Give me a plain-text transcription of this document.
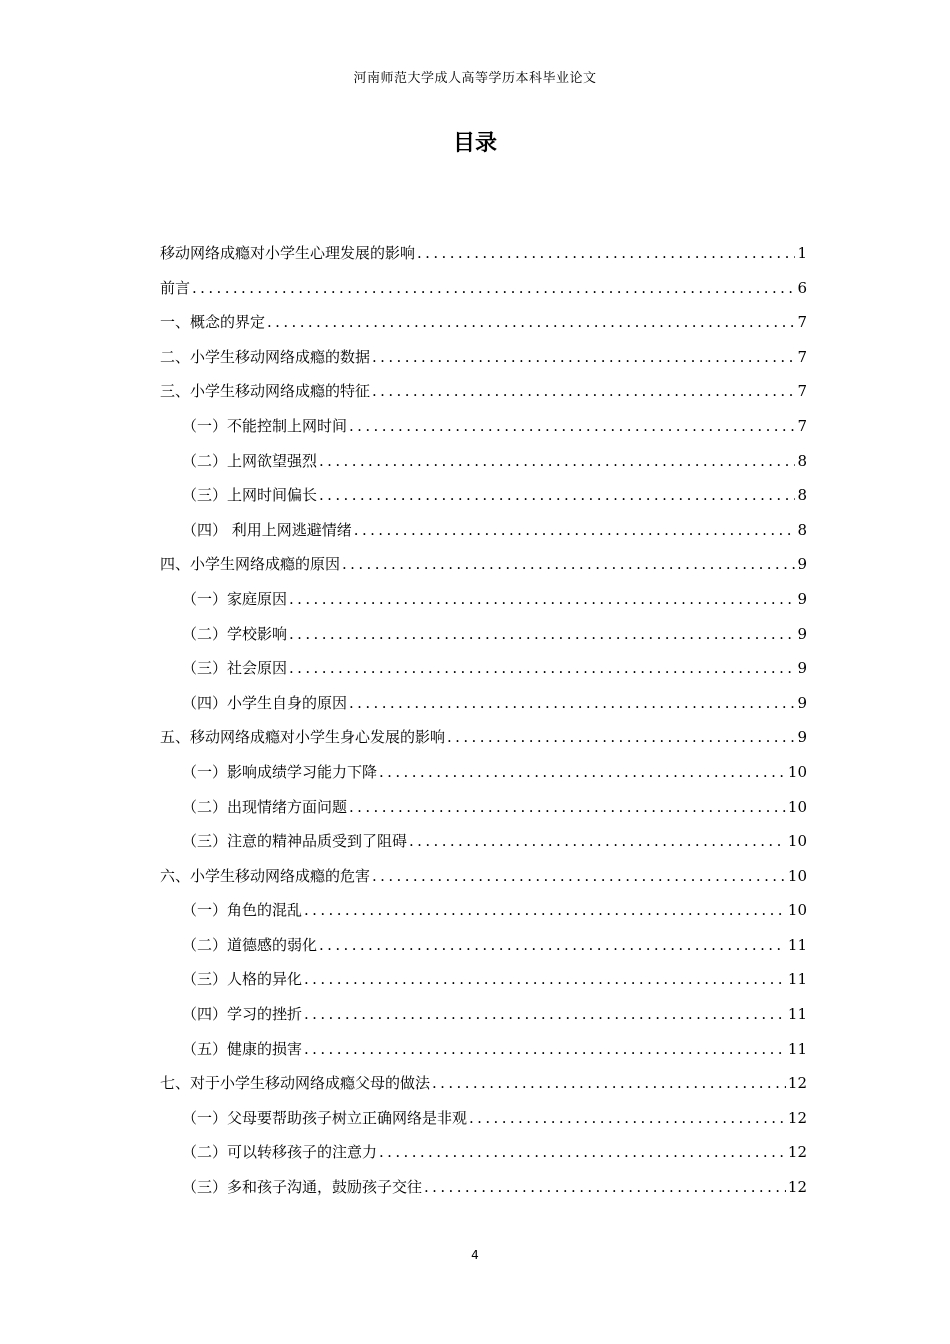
河南师范大学成人高等学历本科毕业论文
目录
移动网络成瘾对小学生心理发展的影响 .....	1
前言 .....	6
一、概念的界定 .....	7
二、小学生移动网络成瘾的数据 .....	7
三、小学生移动网络成瘾的特征 .....	7
（一）不能控制上网时间 .....	7
（二）上网欲望强烈 .....	8
（三）上网时间偏长 .....	8
（四） 利用上网逃避情绪 .....	8
四、小学生网络成瘾的原因 .....	9
（一）家庭原因 .....	9
（二）学校影响 .....	9
（三）社会原因 .....	9
（四）小学生自身的原因 .....	9
五、移动网络成瘾对小学生身心发展的影响 .....	9
（一）影响成绩学习能力下降 .....	10
（二）出现情绪方面问题 .....	10
（三）注意的精神品质受到了阻碍 .....	10
六、小学生移动网络成瘾的危害 .....	10
（一）角色的混乱 .....	10
（二）道德感的弱化 .....	11
（三）人格的异化 .....	11
（四）学习的挫折 .....	11
（五）健康的损害 .....	11
七、对于小学生移动网络成瘾父母的做法 .....	12
（一）父母要帮助孩子树立正确网络是非观 .....	12
（二）可以转移孩子的注意力 .....	12
（三）多和孩子沟通，鼓励孩子交往 .....	12
4
